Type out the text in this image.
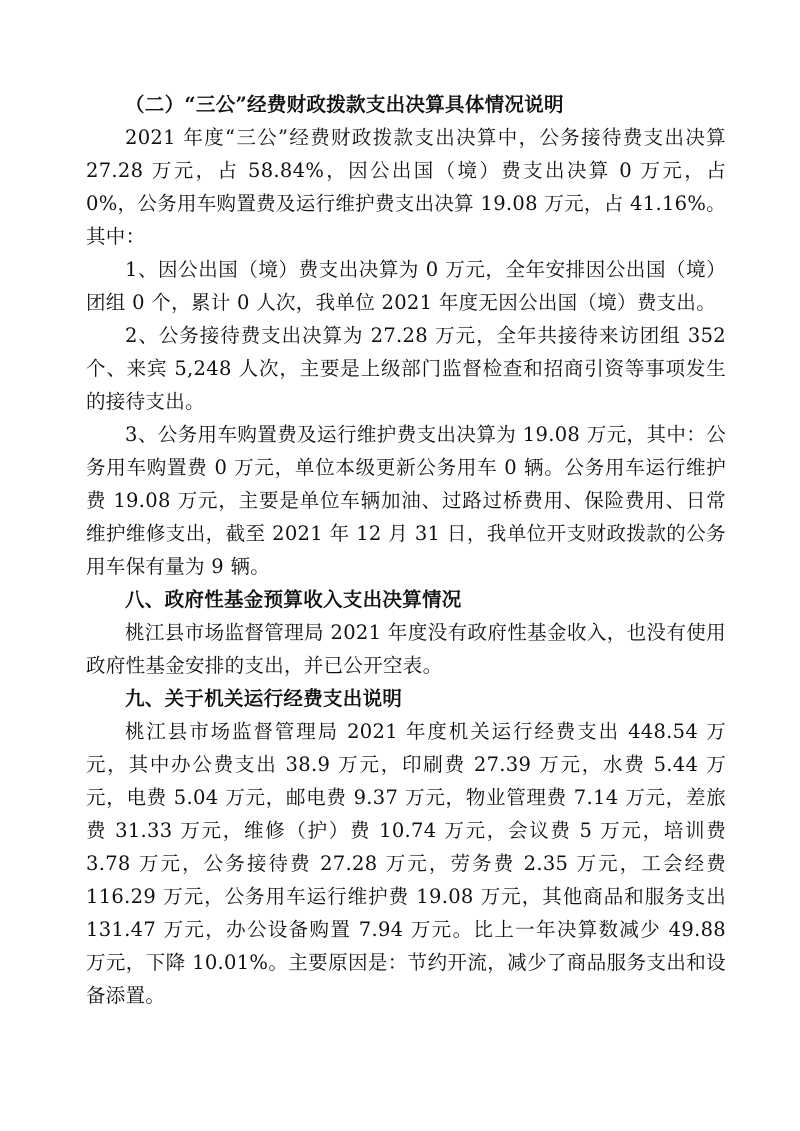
（二）“三公”经费财政拨款支出决算具体情况说明

2021 年度“三公”经费财政拨款支出决算中，公务接待费支出决算 27.28 万元，占 58.84%，因公出国（境）费支出决算 0 万元，占 0%，公务用车购置费及运行维护费支出决算 19.08 万元，占 41.16%。其中：

1、因公出国（境）费支出决算为 0 万元，全年安排因公出国（境）团组 0 个，累计 0 人次，我单位 2021 年度无因公出国（境）费支出。

2、公务接待费支出决算为 27.28 万元，全年共接待来访团组 352 个、来宾 5,248 人次，主要是上级部门监督检查和招商引资等事项发生的接待支出。

3、公务用车购置费及运行维护费支出决算为 19.08 万元，其中：公务用车购置费 0 万元，单位本级更新公务用车 0 辆。公务用车运行维护费 19.08 万元，主要是单位车辆加油、过路过桥费用、保险费用、日常维护维修支出，截至 2021 年 12 月 31 日，我单位开支财政拨款的公务用车保有量为 9 辆。

八、政府性基金预算收入支出决算情况

桃江县市场监督管理局 2021 年度没有政府性基金收入，也没有使用政府性基金安排的支出，并已公开空表。

九、关于机关运行经费支出说明

桃江县市场监督管理局 2021 年度机关运行经费支出 448.54 万元，其中办公费支出 38.9 万元，印刷费 27.39 万元，水费 5.44 万元，电费 5.04 万元，邮电费 9.37 万元，物业管理费 7.14 万元，差旅费 31.33 万元，维修（护）费 10.74 万元，会议费 5 万元，培训费 3.78 万元，公务接待费 27.28 万元，劳务费 2.35 万元，工会经费 116.29 万元，公务用车运行维护费 19.08 万元，其他商品和服务支出 131.47 万元，办公设备购置 7.94 万元。比上一年决算数减少 49.88 万元，下降 10.01%。主要原因是：节约开流，减少了商品服务支出和设备添置。
